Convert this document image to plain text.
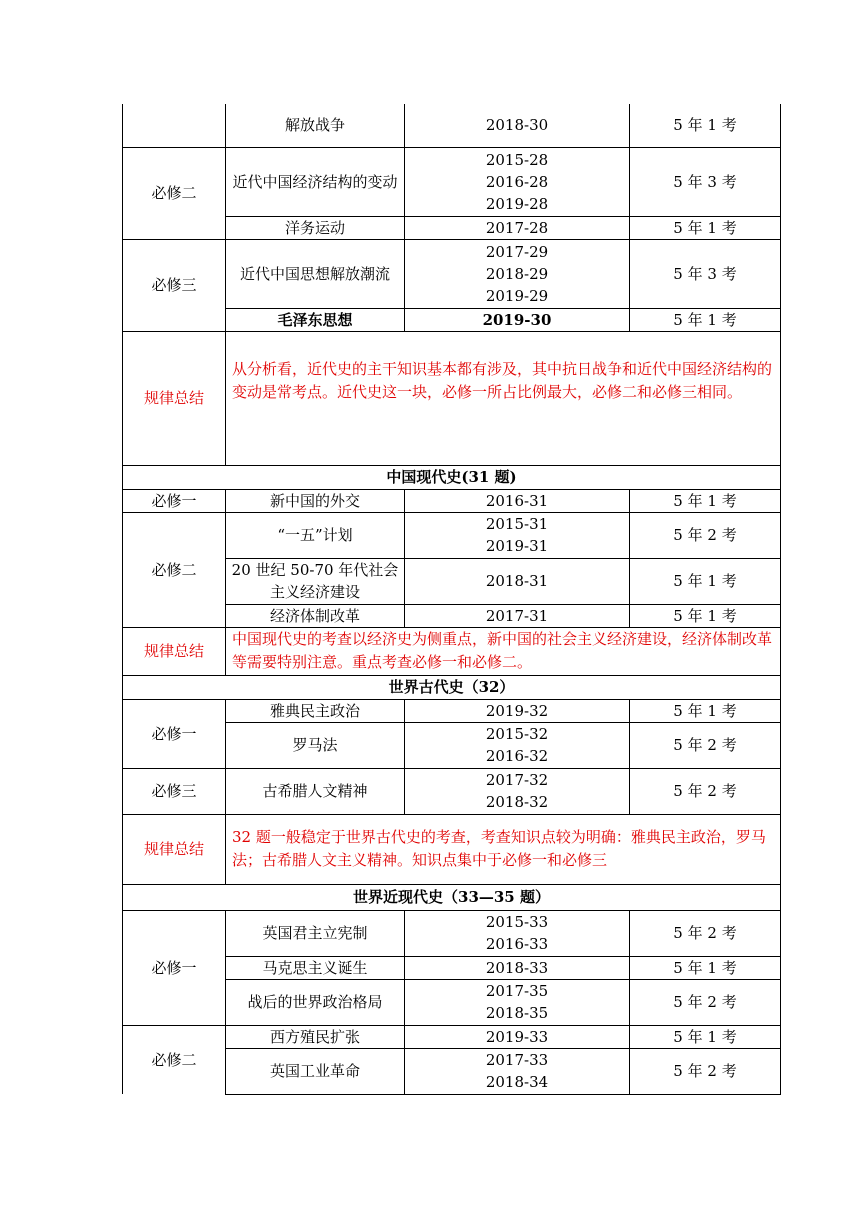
	解放战争	2018-30	5 年 1 考
必修二	近代中国经济结构的变动	2015-28
2016-28
2019-28	5 年 3 考
	洋务运动	2017-28	5 年 1 考
必修三	近代中国思想解放潮流	2017-29
2018-29
2019-29	5 年 3 考
	毛泽东思想	2019-30	5 年 1 考
规律总结	从分析看，近代史的主干知识基本都有涉及，其中抗日战争和近代中国经济结构的变动是常考点。近代史这一块，必修一所占比例最大，必修二和必修三相同。		

中国现代史(31 题)			
必修一	新中国的外交	2016-31	5 年 1 考
必修二	“一五”计划	2015-31
2019-31	5 年 2 考
	20 世纪 50-70 年代社会主义经济建设	2018-31	5 年 1 考
	经济体制改革	2017-31	5 年 1 考
规律总结	中国现代史的考查以经济史为侧重点，新中国的社会主义经济建设，经济体制改革等需要特别注意。重点考查必修一和必修二。		
世界古代史（32）			
必修一	雅典民主政治	2019-32	5 年 1 考
	罗马法	2015-32
2016-32	5 年 2 考
必修三	古希腊人文精神	2017-32
2018-32	5 年 2 考
规律总结	32 题一般稳定于世界古代史的考查，考查知识点较为明确：雅典民主政治，罗马法；古希腊人文主义精神。知识点集中于必修一和必修三		
世界近现代史（33—35 题）			
必修一	英国君主立宪制	2015-33
2016-33	5 年 2 考
	马克思主义诞生	2018-33	5 年 1 考
	战后的世界政治格局	2017-35
2018-35	5 年 2 考
必修二	西方殖民扩张	2019-33	5 年 1 考
	英国工业革命	2017-33
2018-34	5 年 2 考
